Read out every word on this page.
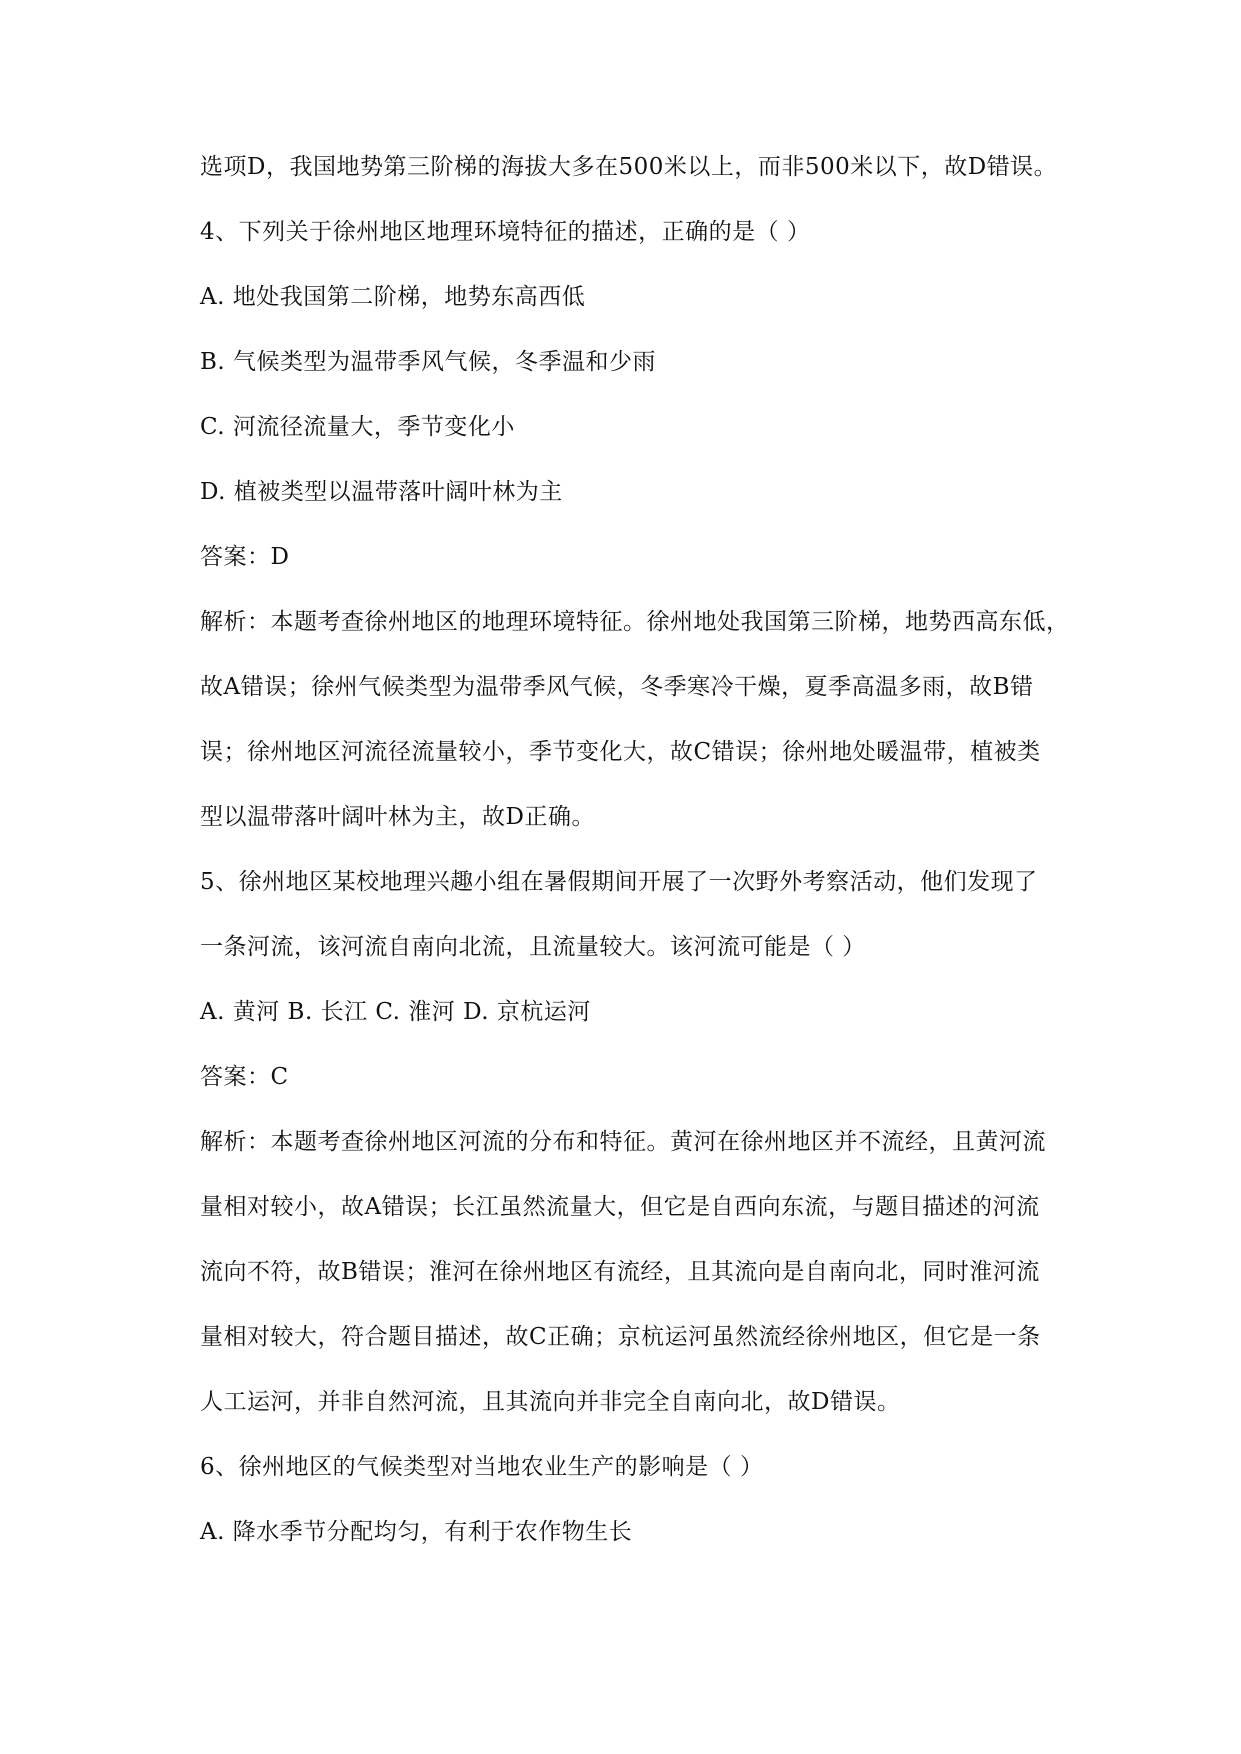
选项D，我国地势第三阶梯的海拔大多在500米以上，而非500米以下，故D错误。
4、下列关于徐州地区地理环境特征的描述，正确的是（ ）
A. 地处我国第二阶梯，地势东高西低
B. 气候类型为温带季风气候，冬季温和少雨
C. 河流径流量大，季节变化小
D. 植被类型以温带落叶阔叶林为主
答案：D
解析：本题考查徐州地区的地理环境特征。徐州地处我国第三阶梯，地势西高东低，
故A错误；徐州气候类型为温带季风气候，冬季寒冷干燥，夏季高温多雨，故B错
误；徐州地区河流径流量较小，季节变化大，故C错误；徐州地处暖温带，植被类
型以温带落叶阔叶林为主，故D正确。
5、徐州地区某校地理兴趣小组在暑假期间开展了一次野外考察活动，他们发现了
一条河流，该河流自南向北流，且流量较大。该河流可能是（ ）
A. 黄河 B. 长江 C. 淮河 D. 京杭运河
答案：C
解析：本题考查徐州地区河流的分布和特征。黄河在徐州地区并不流经，且黄河流
量相对较小，故A错误；长江虽然流量大，但它是自西向东流，与题目描述的河流
流向不符，故B错误；淮河在徐州地区有流经，且其流向是自南向北，同时淮河流
量相对较大，符合题目描述，故C正确；京杭运河虽然流经徐州地区，但它是一条
人工运河，并非自然河流，且其流向并非完全自南向北，故D错误。
6、徐州地区的气候类型对当地农业生产的影响是（ ）
A. 降水季节分配均匀，有利于农作物生长
